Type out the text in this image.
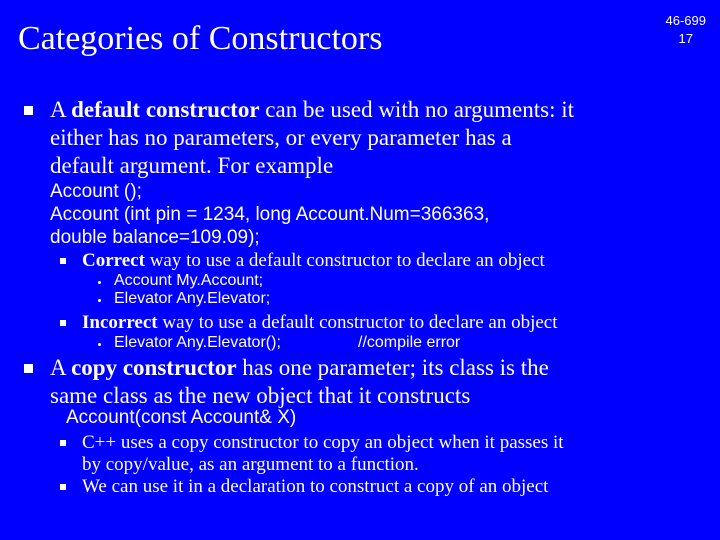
Categories of Constructors	46-699
17
A default constructor can be used with no arguments: it
either has no parameters, or every parameter has a
default argument. For example
Account ();
Account (int pin = 1234, long Account.Num=366363,
double balance=109.09);
Correct way to use a default constructor to declare an object
Account My.Account;
Elevator Any.Elevator;
Incorrect way to use a default constructor to declare an object
Elevator Any.Elevator();	//compile error
A copy constructor has one parameter; its class is the
same class as the new object that it constructs
Account(const Account& X)
C++ uses a copy constructor to copy an object when it passes it
by copy/value, as an argument to a function.
We can use it in a declaration to construct a copy of an object
